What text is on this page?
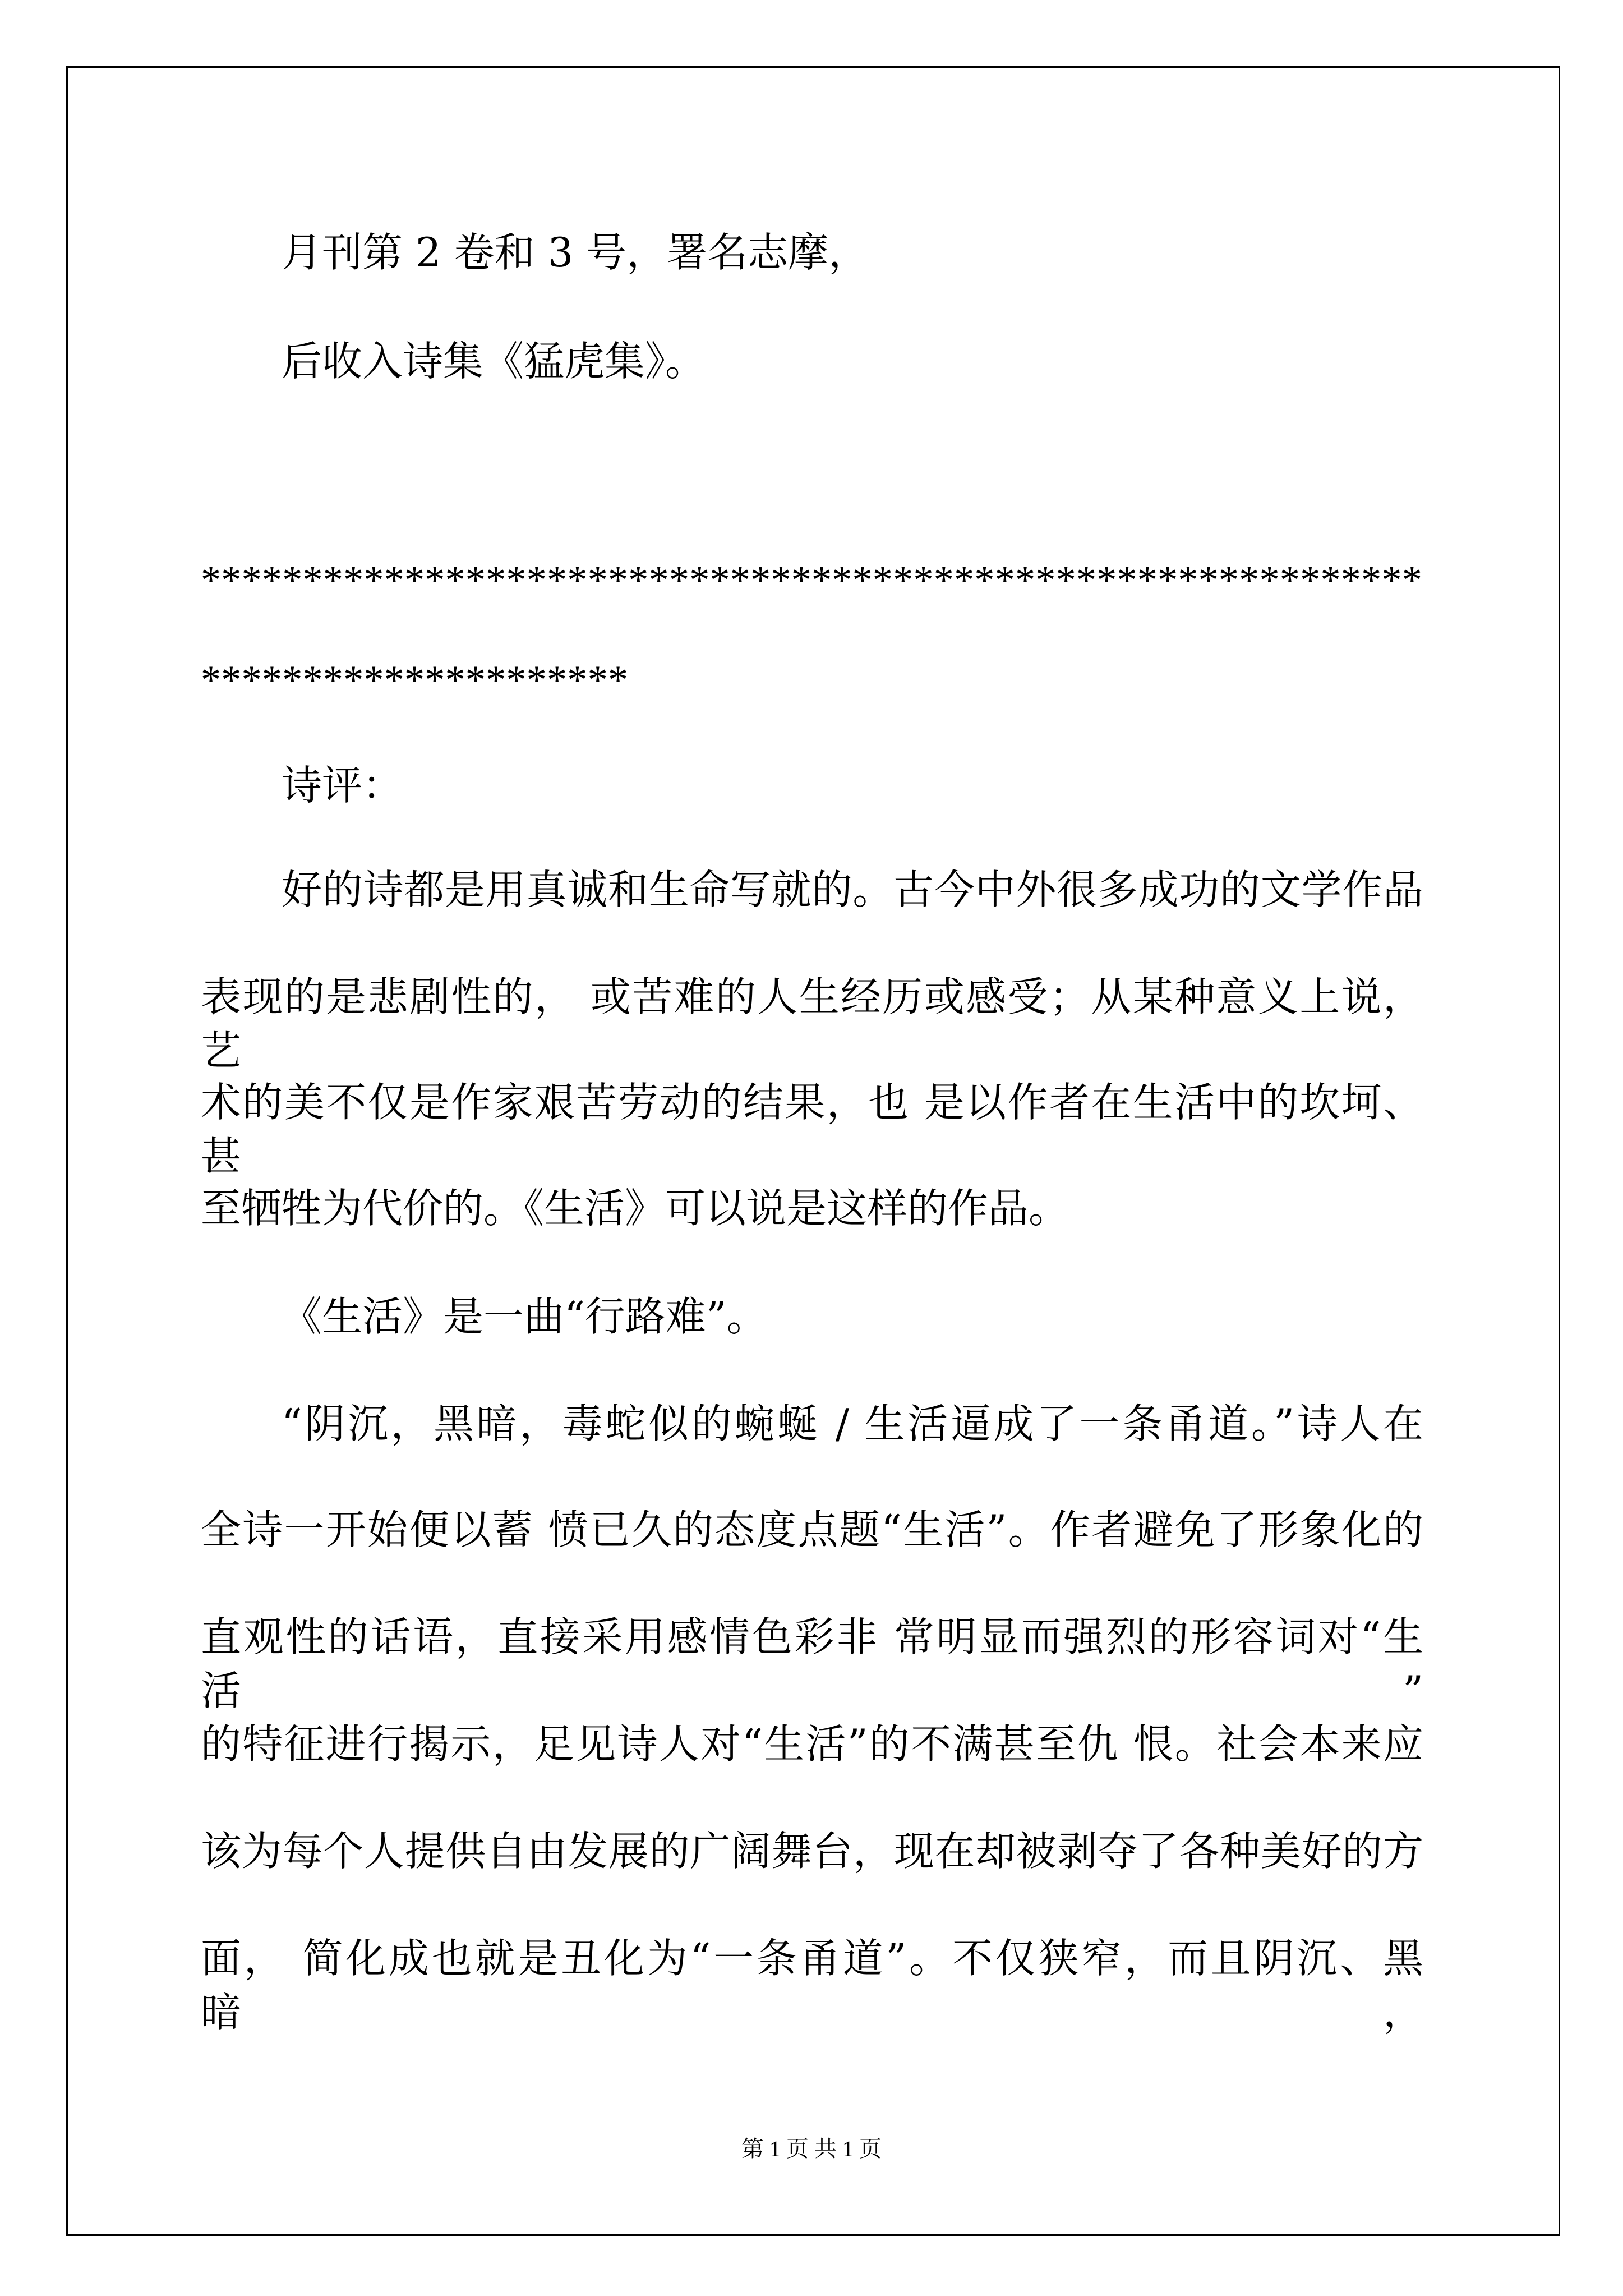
月刊第 2 卷和 3 号，署名志摩，
后收入诗集《猛虎集》。
************************************************************
*********************
诗评：
好的诗都是用真诚和生命写就的。古今中外很多成功的文学作品
表现的是悲剧性的， 或苦难的人生经历或感受；从某种意义上说，艺
术的美不仅是作家艰苦劳动的结果，也 是以作者在生活中的坎坷、甚
至牺牲为代价的。《生活》可以说是这样的作品。
《生活》是一曲“行路难”。
“阴沉，黑暗，毒蛇似的蜿蜒 / 生活逼成了一条甬道。”诗人在
全诗一开始便以蓄 愤已久的态度点题“生活”。作者避免了形象化的
直观性的话语，直接采用感情色彩非 常明显而强烈的形容词对“生活”
的特征进行揭示，足见诗人对“生活”的不满甚至仇 恨。社会本来应
该为每个人提供自由发展的广阔舞台，现在却被剥夺了各种美好的方
面， 简化成也就是丑化为“一条甬道”。不仅狭窄，而且阴沉、黑暗，
第 1 页 共 1 页
